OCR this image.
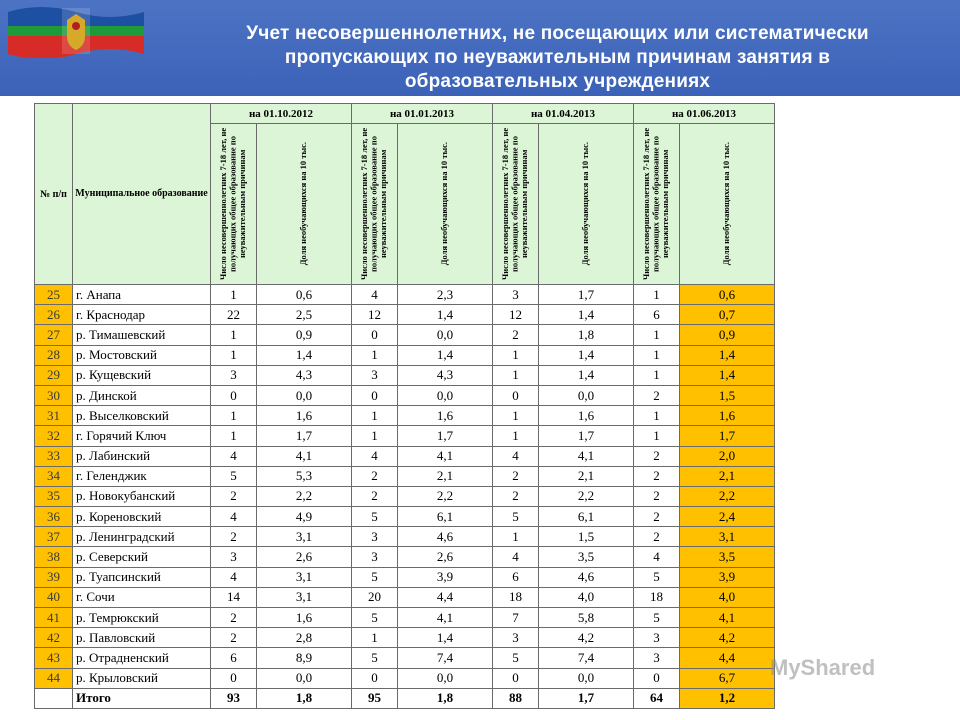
Учет несовершеннолетних, не посещающих или систематически
пропускающих по неуважительным причинам занятия в
образовательных учреждениях
№ п/п	Муниципальное образование	на 01.10.2012		на 01.01.2013		на 01.04.2013		на 01.06.2013	

		Число несовершеннолетних 7-18 лет, не получающих общее образование по неуважительным причинам	Доля необучающихся на 10 тыс.	Число несовершеннолетних 7-18 лет, не получающих общее образование по неуважительным причинам	Доля необучающихся на 10 тыс.	Число несовершеннолетних 7-18 лет, не получающих общее образование по неуважительным причинам	Доля необучающихся на 10 тыс.	Число несовершеннолетних 7-18 лет, не получающих общее образование по неуважительным причинам	Доля необучающихся на 10 тыс.

25	г. Анапа	1	0,6	4	2,3	3	1,7	1	0,6
26	г. Краснодар	22	2,5	12	1,4	12	1,4	6	0,7
27	р. Тимашевский	1	0,9	0	0,0	2	1,8	1	0,9
28	р. Мостовский	1	1,4	1	1,4	1	1,4	1	1,4
29	р. Кущевский	3	4,3	3	4,3	1	1,4	1	1,4
30	р. Динской	0	0,0	0	0,0	0	0,0	2	1,5
31	р. Выселковский	1	1,6	1	1,6	1	1,6	1	1,6
32	г. Горячий Ключ	1	1,7	1	1,7	1	1,7	1	1,7
33	р. Лабинский	4	4,1	4	4,1	4	4,1	2	2,0
34	г. Геленджик	5	5,3	2	2,1	2	2,1	2	2,1
35	р. Новокубанский	2	2,2	2	2,2	2	2,2	2	2,2
36	р. Кореновский	4	4,9	5	6,1	5	6,1	2	2,4
37	р. Ленинградский	2	3,1	3	4,6	1	1,5	2	3,1
38	р. Северский	3	2,6	3	2,6	4	3,5	4	3,5
39	р. Туапсинский	4	3,1	5	3,9	6	4,6	5	3,9
40	г. Сочи	14	3,1	20	4,4	18	4,0	18	4,0
41	р. Темрюкский	2	1,6	5	4,1	7	5,8	5	4,1
42	р. Павловский	2	2,8	1	1,4	3	4,2	3	4,2
43	р. Отрадненский	6	8,9	5	7,4	5	7,4	3	4,4
44	р. Крыловский	0	0,0	0	0,0	0	0,0	0	6,7
	Итого	93	1,8	95	1,8	88	1,7	64	1,2
MyShared
